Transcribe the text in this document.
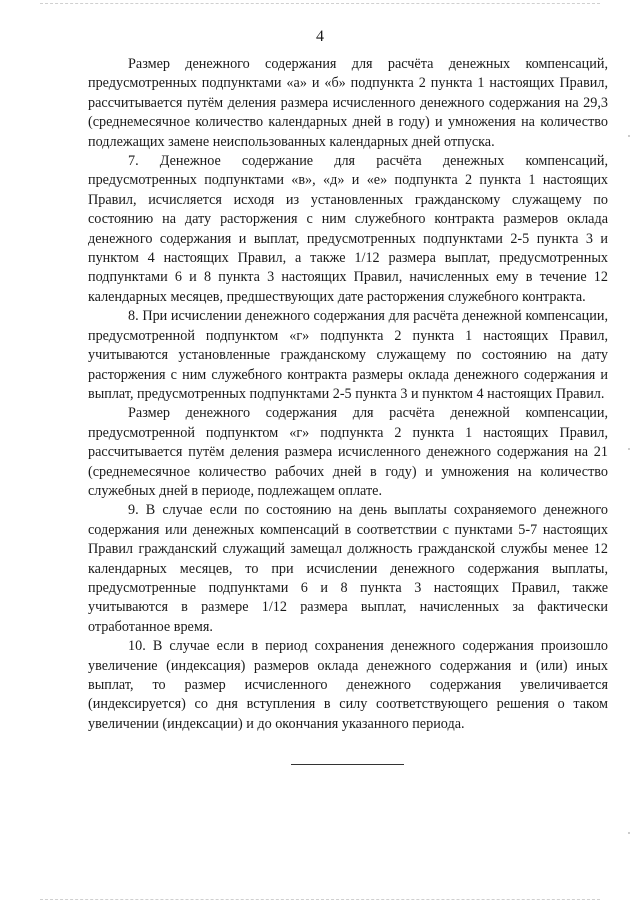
4

Размер денежного содержания для расчёта денежных компенсаций, предусмотренных подпунктами «а» и «б» подпункта 2 пункта 1 настоящих Правил, рассчитывается путём деления размера исчисленного денежного содержания на 29,3 (среднемесячное количество календарных дней в году) и умножения на количество подлежащих замене неиспользованных календарных дней отпуска.

7. Денежное содержание для расчёта денежных компенсаций, предусмотренных подпунктами «в», «д» и «е» подпункта 2 пункта 1 настоящих Правил, исчисляется исходя из установленных гражданскому служащему по состоянию на дату расторжения с ним служебного контракта размеров оклада денежного содержания и выплат, предусмотренных подпунктами 2-5 пункта 3 и пунктом 4 настоящих Правил, а также 1/12 размера выплат, предусмотренных подпунктами 6 и 8 пункта 3 настоящих Правил, начисленных ему в течение 12 календарных месяцев, предшествующих дате расторжения служебного контракта.

8. При исчислении денежного содержания для расчёта денежной компенсации, предусмотренной подпунктом «г» подпункта 2 пункта 1 настоящих Правил, учитываются установленные гражданскому служащему по состоянию на дату расторжения с ним служебного контракта размеры оклада денежного содержания и выплат, предусмотренных подпунктами 2-5 пункта 3 и пунктом 4 настоящих Правил.

Размер денежного содержания для расчёта денежной компенсации, предусмотренной подпунктом «г» подпункта 2 пункта 1 настоящих Правил, рассчитывается путём деления размера исчисленного денежного содержания на 21 (среднемесячное количество рабочих дней в году) и умножения на количество служебных дней в периоде, подлежащем оплате.

9. В случае если по состоянию на день выплаты сохраняемого денежного содержания или денежных компенсаций в соответствии с пунктами 5-7 настоящих Правил гражданский служащий замещал должность гражданской службы менее 12 календарных месяцев, то при исчислении денежного содержания выплаты, предусмотренные подпунктами 6 и 8 пункта 3 настоящих Правил, также учитываются в размере 1/12 размера выплат, начисленных за фактически отработанное время.

10. В случае если в период сохранения денежного содержания произошло увеличение (индексация) размеров оклада денежного содержания и (или) иных выплат, то размер исчисленного денежного содержания увеличивается (индексируется) со дня вступления в силу соответствующего решения о таком увеличении (индексации) и до окончания указанного периода.
